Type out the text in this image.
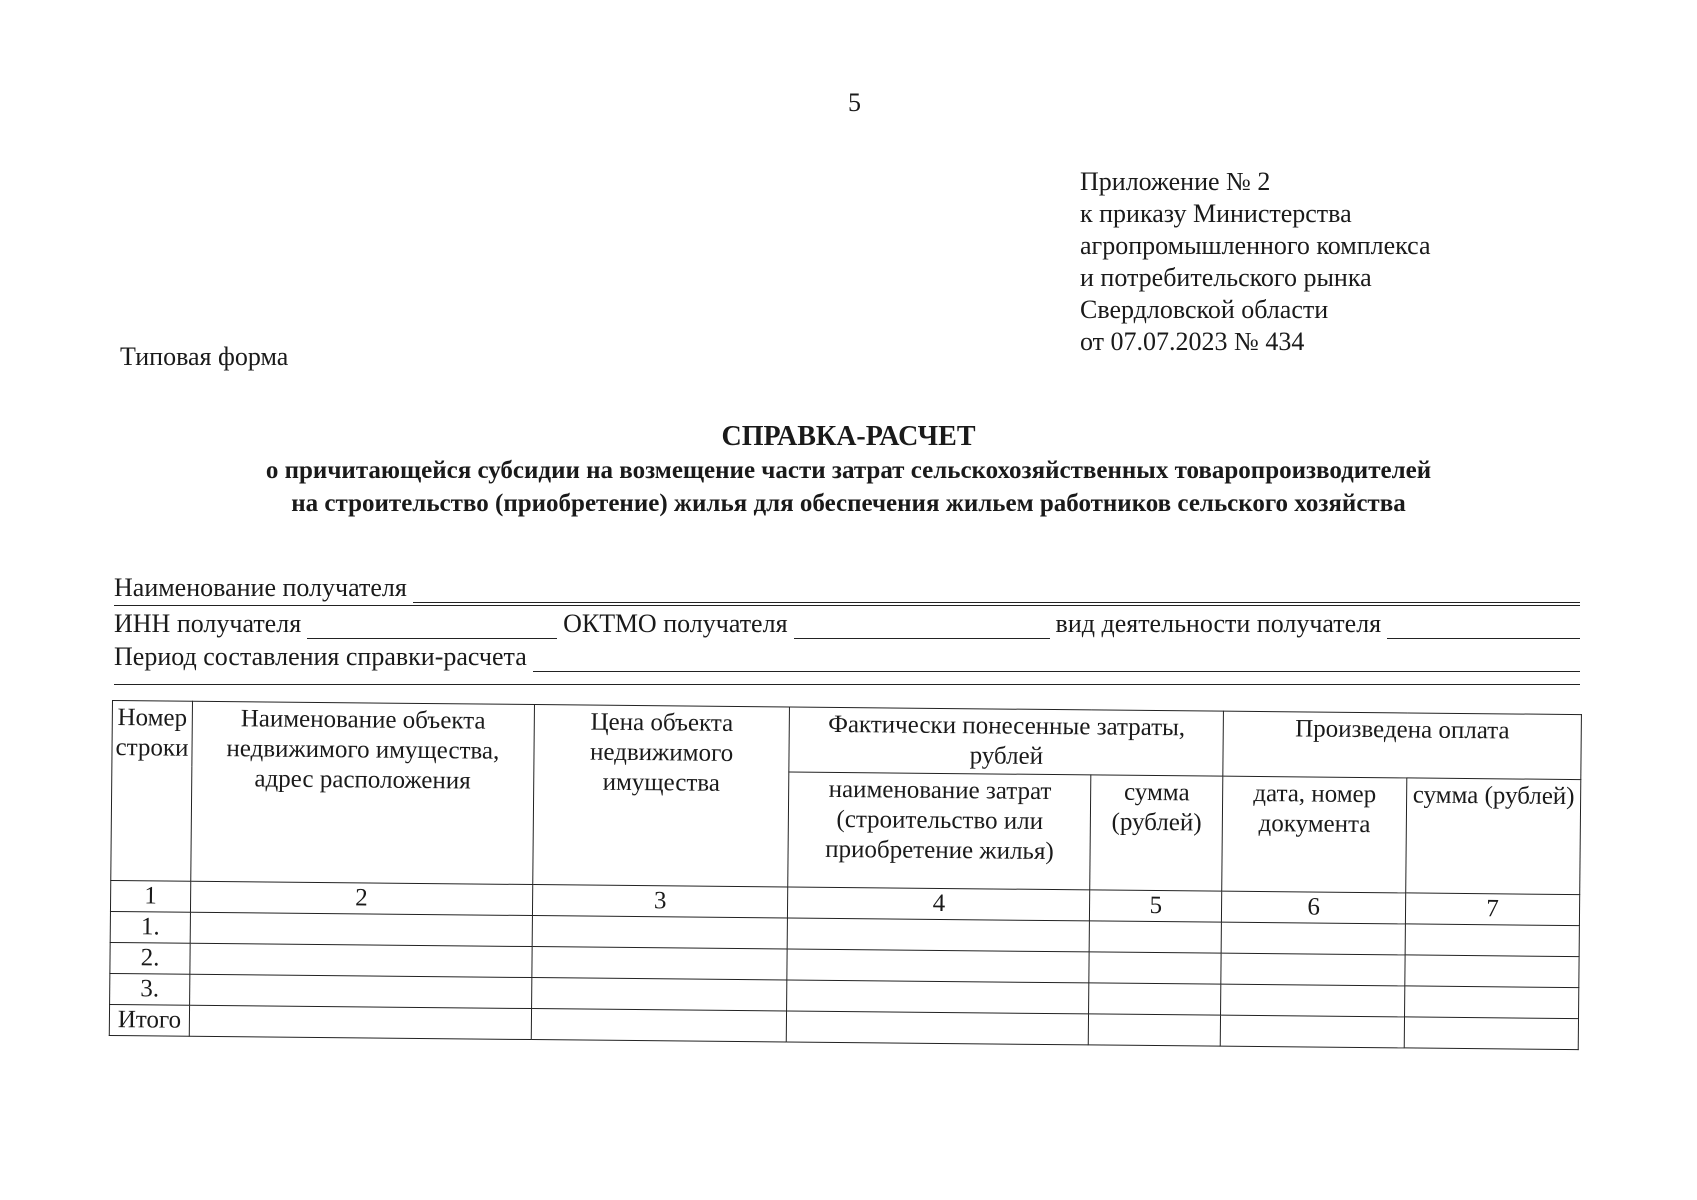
5
Приложение № 2
к приказу Министерства
агропромышленного комплекса
и потребительского рынка
Свердловской области
от 07.07.2023 № 434
Типовая форма
СПРАВКА-РАСЧЕТ
о причитающейся субсидии на возмещение части затрат сельскохозяйственных товаропроизводителей
на строительство (приобретение) жилья для обеспечения жильем работников сельского хозяйства
Наименование получателя
ИНН получателя	ОКТМО получателя	вид деятельности получателя
Период составления справки-расчета
Номер строки	Наименование объекта недвижимого имущества, адрес расположения	Цена объекта недвижимого имущества	Фактически понесенные затраты, рублей		Произведена оплата	
			наименование затрат (строительство или приобретение жилья)	сумма (рублей)	дата, номер документа	сумма (рублей)
1	2	3	4	5	6	7
1.						
2.						
3.						
Итого						
